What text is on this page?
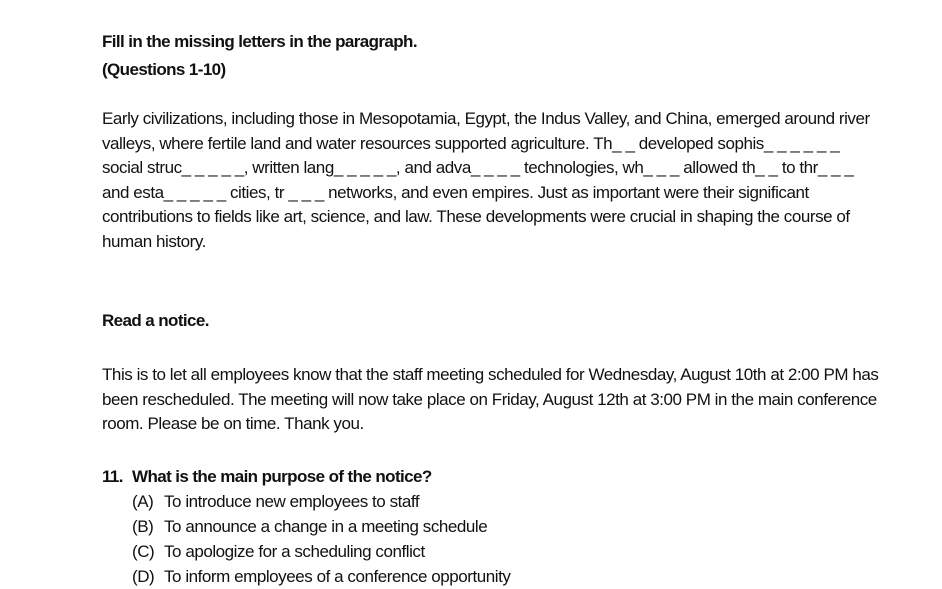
Fill in the missing letters in the paragraph.

(Questions 1-10)

Early civilizations, including those in Mesopotamia, Egypt, the Indus Valley, and China, emerged around river valleys, where fertile land and water resources supported agriculture. Th_ _ developed sophis_ _ _ _ _ _ social struc_ _ _ _ _, written lang_ _ _ _ _, and adva_ _ _ _ technologies, wh_ _ _ allowed th_ _ to thr_ _ _ and esta_ _ _ _ _ cities, tr _ _ _ networks, and even empires. Just as important were their significant contributions to fields like art, science, and law. These developments were crucial in shaping the course of human history.

Read a notice.

This is to let all employees know that the staff meeting scheduled for Wednesday, August 10th at 2:00 PM has been rescheduled. The meeting will now take place on Friday, August 12th at 3:00 PM in the main conference room. Please be on time. Thank you.

11. What is the main purpose of the notice?
(A) To introduce new employees to staff
(B) To announce a change in a meeting schedule
(C) To apologize for a scheduling conflict
(D) To inform employees of a conference opportunity
